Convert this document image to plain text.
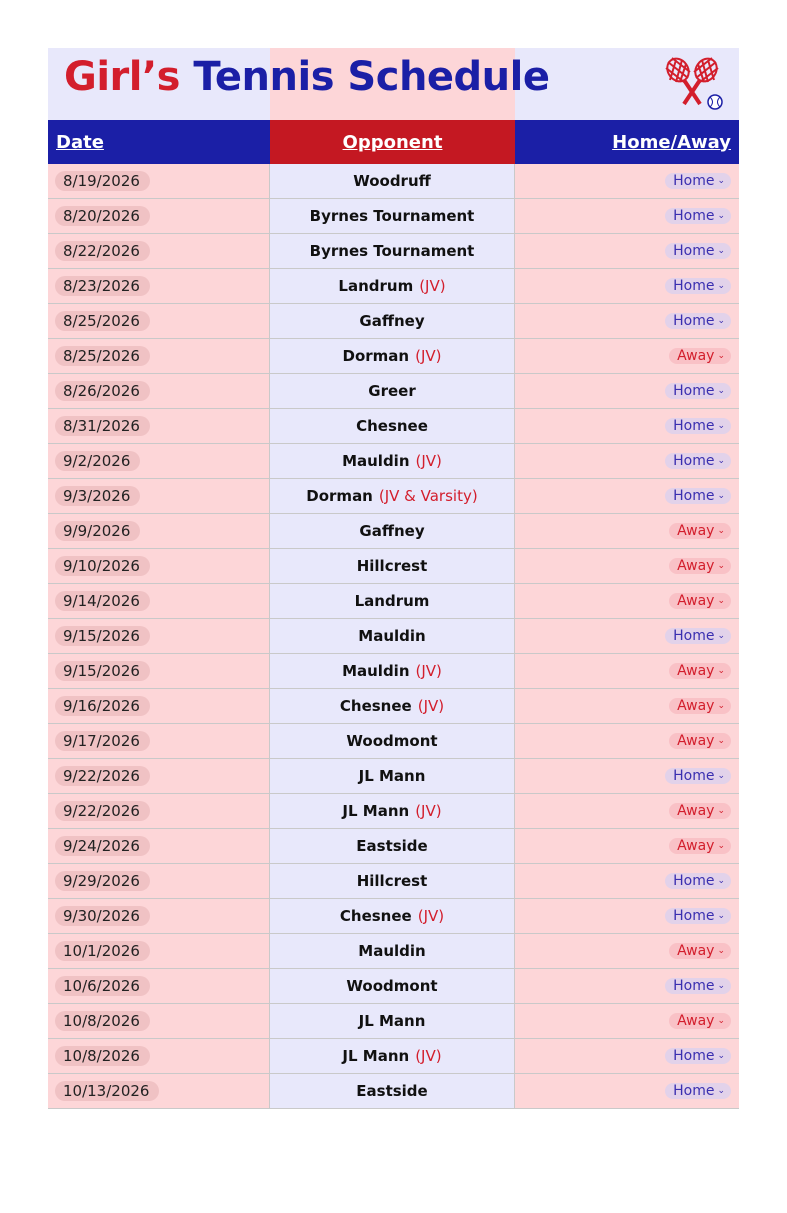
Girl’s Tennis Schedule
Date	Opponent	Home/Away
8/19/2026	Woodruff	Home ⌄
8/20/2026	Byrnes Tournament	Home ⌄
8/22/2026	Byrnes Tournament	Home ⌄
8/23/2026	Landrum (JV)	Home ⌄
8/25/2026	Gaffney	Home ⌄
8/25/2026	Dorman (JV)	Away ⌄
8/26/2026	Greer	Home ⌄
8/31/2026	Chesnee	Home ⌄
9/2/2026	Mauldin (JV)	Home ⌄
9/3/2026	Dorman (JV & Varsity)	Home ⌄
9/9/2026	Gaffney	Away ⌄
9/10/2026	Hillcrest	Away ⌄
9/14/2026	Landrum	Away ⌄
9/15/2026	Mauldin	Home ⌄
9/15/2026	Mauldin (JV)	Away ⌄
9/16/2026	Chesnee (JV)	Away ⌄
9/17/2026	Woodmont	Away ⌄
9/22/2026	JL Mann	Home ⌄
9/22/2026	JL Mann (JV)	Away ⌄
9/24/2026	Eastside	Away ⌄
9/29/2026	Hillcrest	Home ⌄
9/30/2026	Chesnee (JV)	Home ⌄
10/1/2026	Mauldin	Away ⌄
10/6/2026	Woodmont	Home ⌄
10/8/2026	JL Mann	Away ⌄
10/8/2026	JL Mann (JV)	Home ⌄
10/13/2026	Eastside	Home ⌄
